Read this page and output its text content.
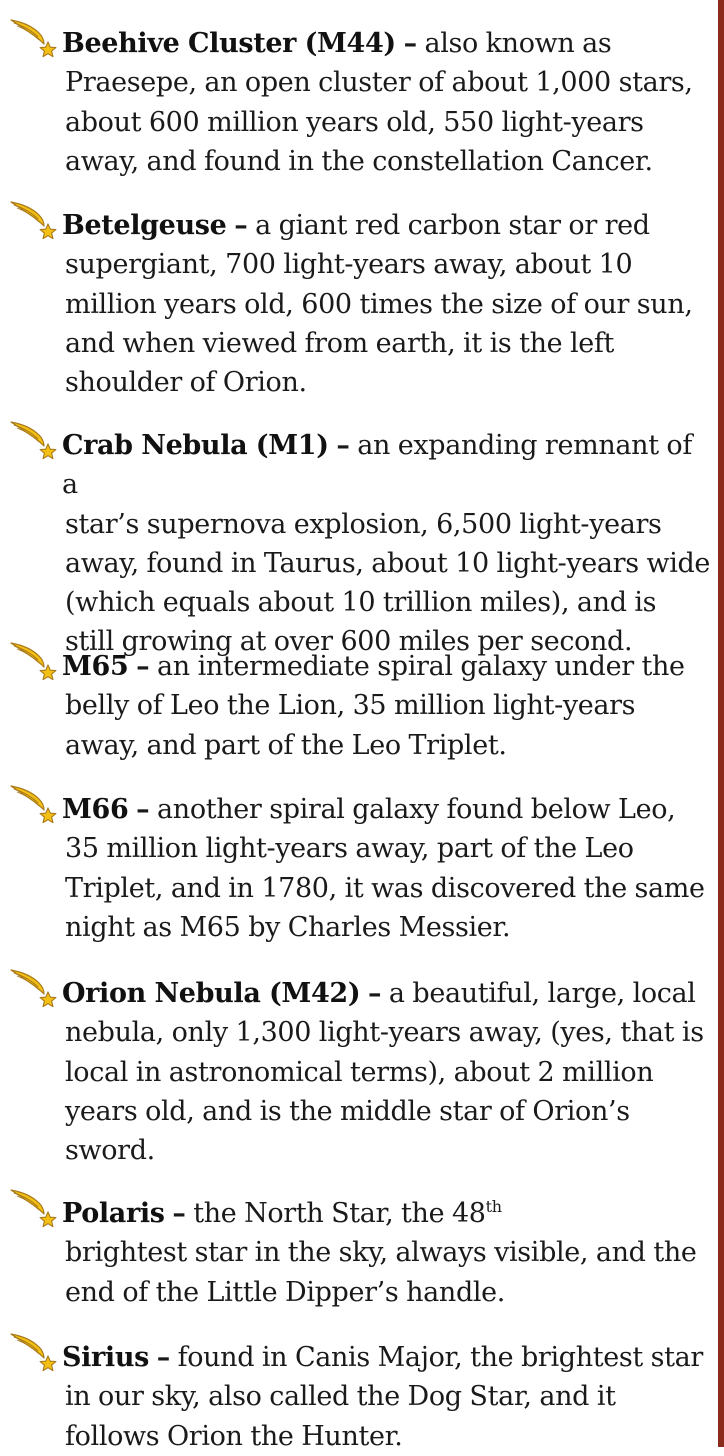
Beehive Cluster (M44) – also known as
Praesepe, an open cluster of about 1,000 stars, about 600 million years old, 550 light-years away, and found in the constellation Cancer.
Betelgeuse – a giant red carbon star or red
supergiant, 700 light-years away, about 10 million years old, 600 times the size of our sun, and when viewed from earth, it is the left shoulder of Orion.
Crab Nebula (M1) – an expanding remnant of a
star’s supernova explosion, 6,500 light-years away, found in Taurus, about 10 light-years wide (which equals about 10 trillion miles), and is still growing at over 600 miles per second.
M65 – an intermediate spiral galaxy under the
belly of Leo the Lion, 35 million light-years away, and part of the Leo Triplet.
M66 – another spiral galaxy found below Leo,
35 million light-years away, part of the Leo Triplet, and in 1780, it was discovered the same night as M65 by Charles Messier.
Orion Nebula (M42) – a beautiful, large, local
nebula, only 1,300 light-years away, (yes, that is local in astronomical terms), about 2 million years old, and is the middle star of Orion’s sword.
Polaris – the North Star, the 48th
brightest star in the sky, always visible, and the end of the Little Dipper’s handle.
Sirius – found in Canis Major, the brightest star
in our sky, also called the Dog Star, and it follows Orion the Hunter.
